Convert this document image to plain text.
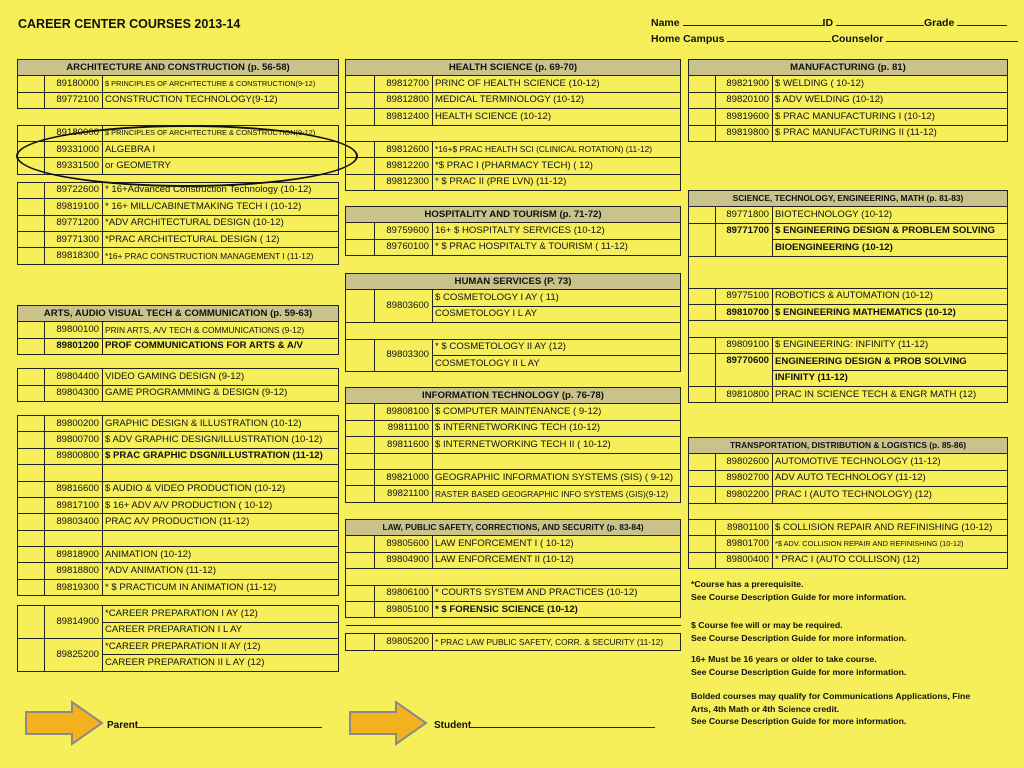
CAREER CENTER COURSES 2013-14	Name	ID	Grade
Home Campus	Counselor
ARCHITECTURE AND CONSTRUCTION (p. 56-58)		
	89180000	$ PRINCIPLES OF ARCHITECTURE & CONSTRUCTION(9-12)
	89772100	CONSTRUCTION TECHNOLOGY(9-12)

	89180000	$ PRINCIPLES OF ARCHITECTURE & CONSTRUCTION(9-12)
	89331000	ALGEBRA I
	89331500	or GEOMETRY

	89722600	* 16+Advanced Construction Technology (10-12)
	89819100	* 16+ MILL/CABINETMAKING TECH I (10-12)
	89771200	*ADV ARCHITECTURAL DESIGN (10-12)
	89771300	*PRAC ARCHITECTURAL DESIGN ( 12)
	89818300	*16+ PRAC CONSTRUCTION MANAGEMENT I (11-12)
ARTS, AUDIO VISUAL TECH & COMMUNICATION (p. 59-63)		
	89800100	PRIN ARTS, A/V TECH & COMMUNICATIONS (9-12)
	89801200	PROF COMMUNICATIONS FOR ARTS & A/V

	89804400	VIDEO GAMING DESIGN (9-12)
	89804300	GAME PROGRAMMING & DESIGN (9-12)

	89800200	GRAPHIC DESIGN & ILLUSTRATION (10-12)
	89800700	$ ADV GRAPHIC DESIGN/ILLUSTRATION (10-12)
	89800800	$ PRAC GRAPHIC DSGN/ILLUSTRATION (11-12)

	89816600	$ AUDIO & VIDEO PRODUCTION (10-12)
	89817100	$ 16+ ADV A/V PRODUCTION ( 10-12)
	89803400	PRAC A/V PRODUCTION (11-12)

	89818900	ANIMATION (10-12)
	89818800	*ADV ANIMATION (11-12)
	89819300	* $ PRACTICUM IN ANIMATION (11-12)

	89814900	*CAREER PREPARATION I AY (12)
		CAREER PREPARATION I L AY
	89825200	*CAREER PREPARATION II AY (12)
		CAREER PREPARATION II L AY (12)
HEALTH SCIENCE (p. 69-70)		
	89812700	PRINC OF HEALTH SCIENCE (10-12)
	89812800	MEDICAL TERMINOLOGY (10-12)
	89812400	HEALTH SCIENCE (10-12)

	89812600	*16+$ PRAC HEALTH SCI (CLINICAL ROTATION) (11-12)
	89812200	*$ PRAC I (PHARMACY TECH) ( 12)
	89812300	* $ PRAC II (PRE LVN) (11-12)
HOSPITALITY AND TOURISM (p. 71-72)		
	89759600	16+ $ HOSPITALTY SERVICES (10-12)
	89760100	* $ PRAC HOSPITALTY & TOURISM ( 11-12)
HUMAN SERVICES (P. 73)		
	89803600	$ COSMETOLOGY I AY ( 11)
		COSMETOLOGY I L AY

	89803300	* $ COSMETOLOGY II AY (12)
		COSMETOLOGY II L AY
INFORMATION TECHNOLOGY (p. 76-78)		
	89808100	$ COMPUTER MAINTENANCE ( 9-12)
	89811100	$ INTERNETWORKING TECH (10-12)
	89811600	$ INTERNETWORKING TECH II ( 10-12)

	89821000	GEOGRAPHIC INFORMATION SYSTEMS (SIS) ( 9-12)
	89821100	RASTER BASED GEOGRAPHIC INFO SYSTEMS (GIS)(9-12)
LAW, PUBLIC SAFETY, CORRECTIONS, AND SECURITY (p. 83-84)		
	89805600	LAW ENFORCEMENT I ( 10-12)
	89804900	LAW ENFORCEMENT II (10-12)

	89806100	* COURTS SYSTEM AND PRACTICES (10-12)
	89805100	* $ FORENSIC SCIENCE (10-12)

	89805200	* PRAC LAW PUBLIC SAFETY, CORR. & SECURITY (11-12)
MANUFACTURING (p. 81)		
	89821900	$ WELDING ( 10-12)
	89820100	$ ADV WELDING (10-12)
	89819600	$ PRAC MANUFACTURING I (10-12)
	89819800	$ PRAC MANUFACTURING II (11-12)
SCIENCE, TECHNOLOGY, ENGINEERING, MATH (p. 81-83)		
	89771800	BIOTECHNOLOGY (10-12)
	89771700	$ ENGINEERING DESIGN & PROBLEM SOLVING
		BIOENGINEERING (10-12)

	89775100	ROBOTICS & AUTOMATION (10-12)
	89810700	$ ENGINEERING MATHEMATICS (10-12)

	89809100	$ ENGINEERING: INFINITY (11-12)
	89770600	ENGINEERING DESIGN & PROB SOLVING
		INFINITY (11-12)
	89810800	PRAC IN SCIENCE TECH & ENGR MATH (12)
TRANSPORTATION, DISTRIBUTION & LOGISTICS (p. 85-86)		
	89802600	AUTOMOTIVE TECHNOLOGY (11-12)
	89802700	ADV AUTO TECHNOLOGY (11-12)
	89802200	PRAC I (AUTO TECHNOLOGY) (12)

	89801100	$ COLLISION REPAIR AND REFINISHING (10-12)
	89801700	*$ ADV. COLLISION REPAIR AND REFINISHING (10-12)
	89800400	* PRAC I (AUTO COLLISON) (12)
*Course has a prerequisite.
See Course Description Guide for more information.
$ Course fee will or may be required.
See Course Description Guide for more information.
16+ Must be 16 years or older to take course.
See Course Description Guide for more information.
Bolded courses may qualify for Communications Applications, Fine
Arts, 4th Math or 4th Science credit.
See Course Description Guide for more information.
Parent	Student
